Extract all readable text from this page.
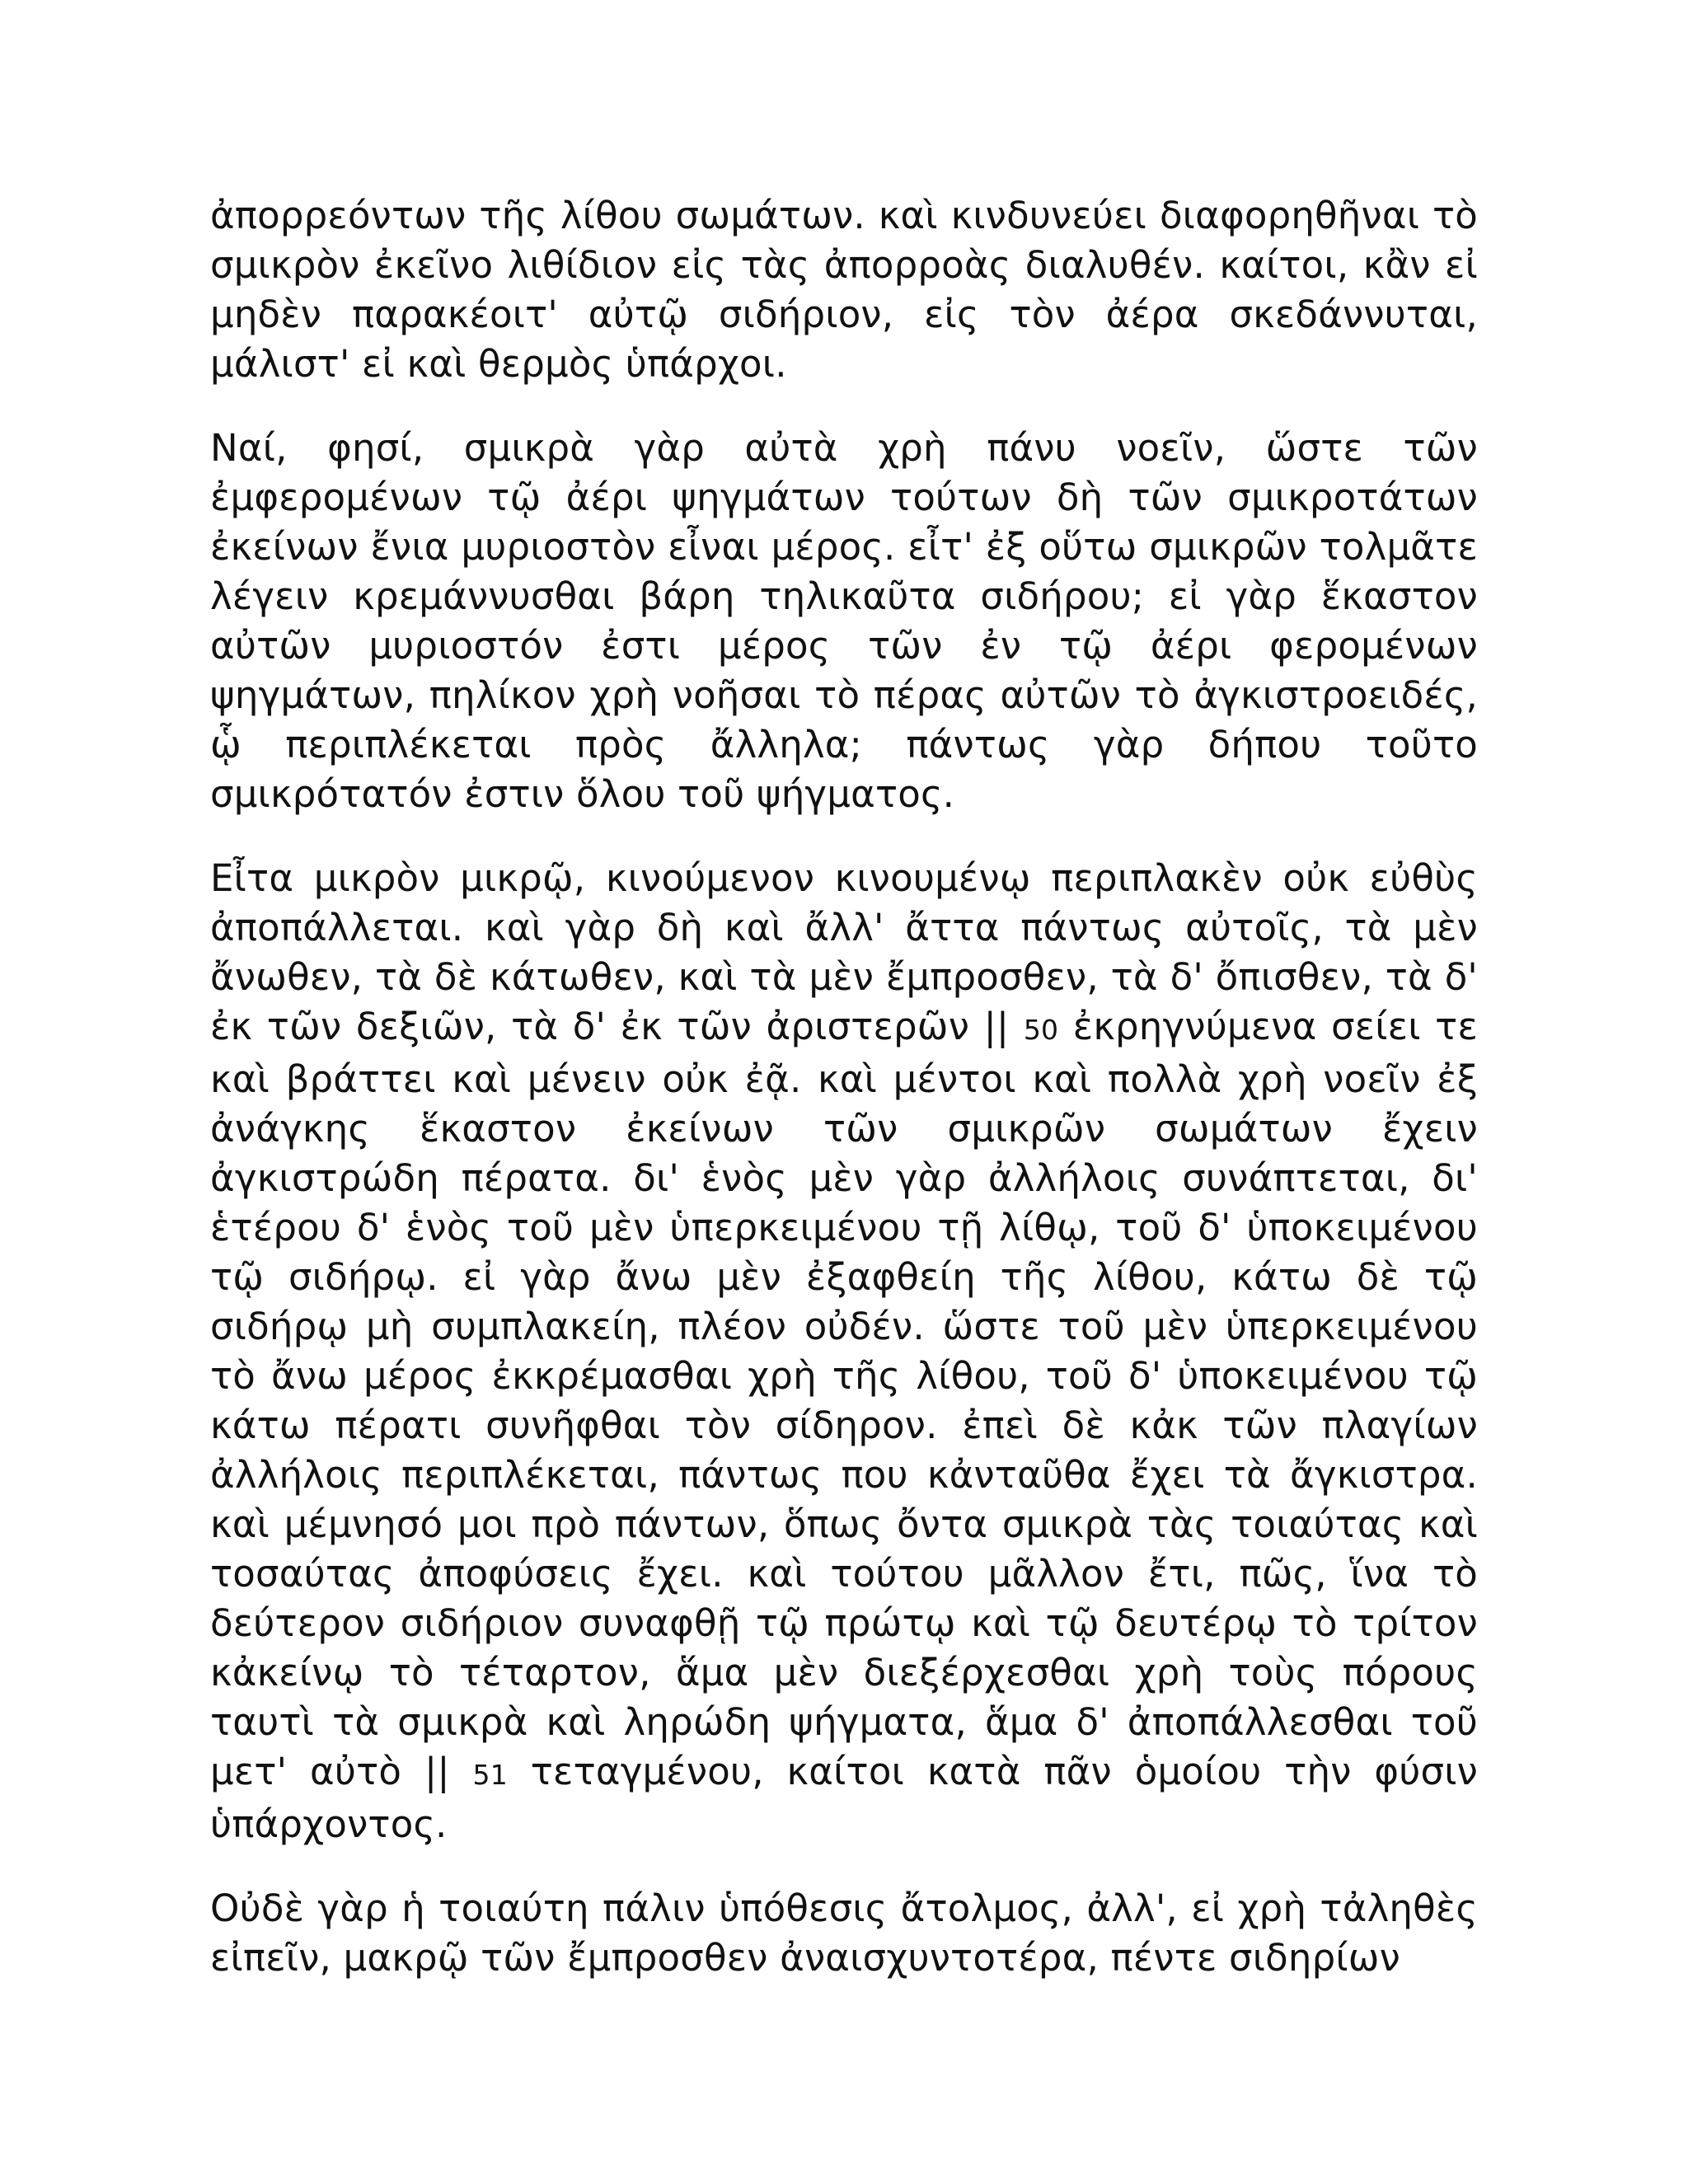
ἀπορρεόντων τῆς λίθου σωμάτων. καὶ κινδυνεύει διαφορηθῆναι τὸ σμικρὸν ἐκεῖνο λιθίδιον εἰς τὰς ἀπορροὰς διαλυθέν. καίτοι, κἂν εἰ μηδὲν παρακέοιτ' αὐτῷ σιδήριον, εἰς τὸν ἀέρα σκεδάννυται, μάλιστ' εἰ καὶ θερμὸς ὑπάρχοι.

Ναί, φησί, σμικρὰ γὰρ αὐτὰ χρὴ πάνυ νοεῖν, ὥστε τῶν ἐμφερομένων τῷ ἀέρι ψηγμάτων τούτων δὴ τῶν σμικροτάτων ἐκείνων ἔνια μυριοστὸν εἶναι μέρος. εἶτ' ἐξ οὕτω σμικρῶν τολμᾶτε λέγειν κρεμάννυσθαι βάρη τηλικαῦτα σιδήρου; εἰ γὰρ ἕκαστον αὐτῶν μυριοστόν ἐστι μέρος τῶν ἐν τῷ ἀέρι φερομένων ψηγμάτων, πηλίκον χρὴ νοῆσαι τὸ πέρας αὐτῶν τὸ ἀγκιστροειδές, ᾧ περιπλέκεται πρὸς ἄλληλα; πάντως γὰρ δήπου τοῦτο σμικρότατόν ἐστιν ὅλου τοῦ ψήγματος.

Εἶτα μικρὸν μικρῷ, κινούμενον κινουμένῳ περιπλακὲν οὐκ εὐθὺς ἀποπάλλεται. καὶ γὰρ δὴ καὶ ἄλλ' ἄττα πάντως αὐτοῖς, τὰ μὲν ἄνωθεν, τὰ δὲ κάτωθεν, καὶ τὰ μὲν ἔμπροσθεν, τὰ δ' ὄπισθεν, τὰ δ' ἐκ τῶν δεξιῶν, τὰ δ' ἐκ τῶν ἀριστερῶν || 50 ἐκρηγνύμενα σείει τε καὶ βράττει καὶ μένειν οὐκ ἐᾷ. καὶ μέντοι καὶ πολλὰ χρὴ νοεῖν ἐξ ἀνάγκης ἕκαστον ἐκείνων τῶν σμικρῶν σωμάτων ἔχειν ἀγκιστρώδη πέρατα. δι' ἑνὸς μὲν γὰρ ἀλλήλοις συνάπτεται, δι' ἑτέρου δ' ἑνὸς τοῦ μὲν ὑπερκειμένου τῇ λίθῳ, τοῦ δ' ὑποκειμένου τῷ σιδήρῳ. εἰ γὰρ ἄνω μὲν ἐξαφθείη τῆς λίθου, κάτω δὲ τῷ σιδήρῳ μὴ συμπλακείη, πλέον οὐδέν. ὥστε τοῦ μὲν ὑπερκειμένου τὸ ἄνω μέρος ἐκκρέμασθαι χρὴ τῆς λίθου, τοῦ δ' ὑποκειμένου τῷ κάτω πέρατι συνῆφθαι τὸν σίδηρον. ἐπεὶ δὲ κἀκ τῶν πλαγίων ἀλλήλοις περιπλέκεται, πάντως που κἀνταῦθα ἔχει τὰ ἄγκιστρα. καὶ μέμνησό μοι πρὸ πάντων, ὅπως ὄντα σμικρὰ τὰς τοιαύτας καὶ τοσαύτας ἀποφύσεις ἔχει. καὶ τούτου μᾶλλον ἔτι, πῶς, ἵνα τὸ δεύτερον σιδήριον συναφθῇ τῷ πρώτῳ καὶ τῷ δευτέρῳ τὸ τρίτον κἀκείνῳ τὸ τέταρτον, ἅμα μὲν διεξέρχεσθαι χρὴ τοὺς πόρους ταυτὶ τὰ σμικρὰ καὶ ληρώδη ψήγματα, ἅμα δ' ἀποπάλλεσθαι τοῦ μετ' αὐτὸ || 51 τεταγμένου, καίτοι κατὰ πᾶν ὁμοίου τὴν φύσιν ὑπάρχοντος.

Οὐδὲ γὰρ ἡ τοιαύτη πάλιν ὑπόθεσις ἄτολμος, ἀλλ', εἰ χρὴ τἀληθὲς εἰπεῖν, μακρῷ τῶν ἔμπροσθεν ἀναισχυντοτέρα, πέντε σιδηρίων
